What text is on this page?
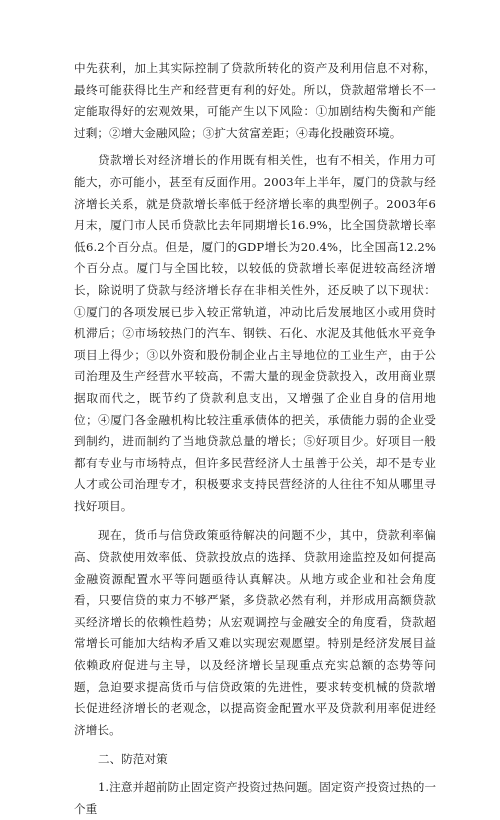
中先获利，加上其实际控制了贷款所转化的资产及利用信息不对称，最终可能获得比生产和经营更有利的好处。所以，贷款超常增长不一定能取得好的宏观效果，可能产生以下风险：①加剧结构失衡和产能过剩；②增大金融风险；③扩大贫富差距；④毒化投融资环境。

贷款增长对经济增长的作用既有相关性，也有不相关，作用力可能大，亦可能小，甚至有反面作用。2003年上半年，厦门的贷款与经济增长关系，就是贷款增长率低于经济增长率的典型例子。2003年6月末，厦门市人民币贷款比去年同期增长16.9%，比全国贷款增长率低6.2个百分点。但是，厦门的GDP增长为20.4%，比全国高12.2%个百分点。厦门与全国比较，以较低的贷款增长率促进较高经济增长，除说明了贷款与经济增长存在非相关性外，还反映了以下现状：①厦门的各项发展已步入较正常轨道，冲动比后发展地区小或用贷时机滞后；②市场较热门的汽车、钢铁、石化、水泥及其他低水平竞争项目上得少；③以外资和股份制企业占主导地位的工业生产，由于公司治理及生产经营水平较高，不需大量的现金贷款投入，改用商业票据取而代之，既节约了贷款利息支出，又增强了企业自身的信用地位；④厦门各金融机构比较注重承债体的把关，承债能力弱的企业受到制约，进而制约了当地贷款总量的增长；⑤好项目少。好项目一般都有专业与市场特点，但许多民营经济人士虽善于公关，却不是专业人才或公司治理专才，积极要求支持民营经济的人往往不知从哪里寻找好项目。

现在，货币与信贷政策亟待解决的问题不少，其中，贷款利率偏高、贷款使用效率低、贷款投放点的选择、贷款用途监控及如何提高金融资源配置水平等问题亟待认真解决。从地方或企业和社会角度看，只要信贷的束力不够严紧，多贷款必然有利，并形成用高额贷款买经济增长的依赖性趋势；从宏观调控与金融安全的角度看，贷款超常增长可能加大结构矛盾又难以实现宏观愿望。特别是经济发展目益依赖政府促进与主导，以及经济增长呈现重点充实总额的态势等问题，急迫要求提高货币与信贷政策的先进性，要求转变机械的贷款增长促进经济增长的老观念，以提高资金配置水平及贷款利用率促进经济增长。

二、防范对策

1.注意并超前防止固定资产投资过热问题。固定资产投资过热的一个重
